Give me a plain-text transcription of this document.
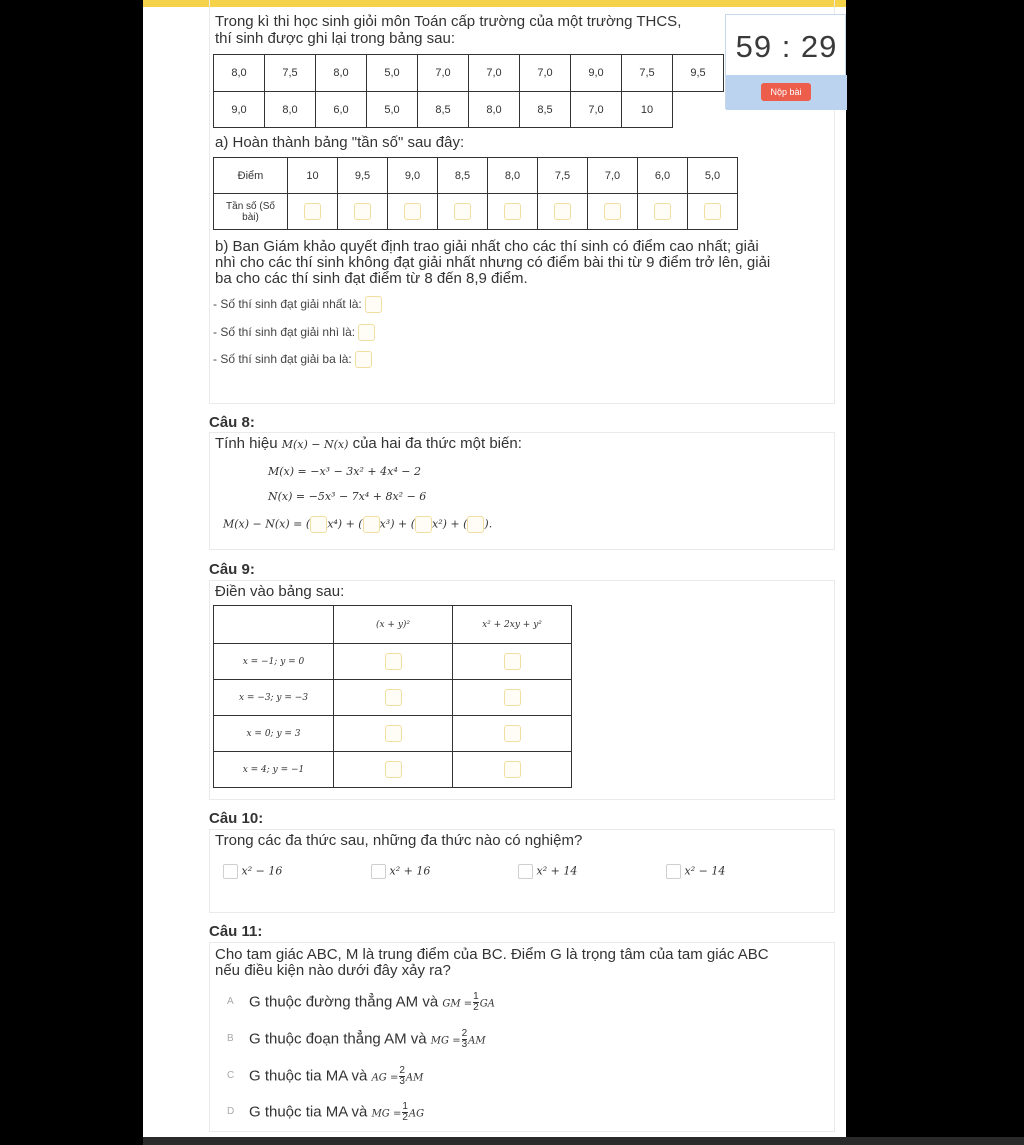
Trong kì thi học sinh giỏi môn Toán cấp trường của một trường THCS,
thí sinh được ghi lại trong bảng sau:
8,0	7,5	8,0	5,0	7,0	7,0	7,0	9,0	7,5	9,5
9,0	8,0	6,0	5,0	8,5	8,0	8,5	7,0	10	
a) Hoàn thành bảng "tần số" sau đây:
Điểm	10	9,5	9,0	8,5	8,0	7,5	7,0	6,0	5,0
Tần số (Số bài)									
b) Ban Giám khảo quyết định trao giải nhất cho các thí sinh có điểm cao nhất; giải
nhì cho các thí sinh không đạt giải nhất nhưng có điểm bài thi từ 9 điểm trở lên, giải
ba cho các thí sinh đạt điểm từ 8 đến 8,9 điểm.
- Số thí sinh đạt giải nhất là:
- Số thí sinh đạt giải nhì là:
- Số thí sinh đạt giải ba là:
Câu 8:
Tính hiệu M(x) − N(x) của hai đa thức một biến:
M(x) = −x³ − 3x² + 4x⁴ − 2
N(x) = −5x³ − 7x⁴ + 8x² − 6
M(x) − N(x) = ( x⁴) + ( x³) + ( x²) + ( ).
Câu 9:
Điền vào bảng sau:
	(x + y)²	x² + 2xy + y²
x = −1; y = 0		
x = −3; y = −3		
x = 0; y = 3		
x = 4; y = −1		
Câu 10:
Trong các đa thức sau, những đa thức nào có nghiệm?
x² − 16	x² + 16	x² + 14	x² − 14
Câu 11:
Cho tam giác ABC, M là trung điểm của BC. Điểm G là trọng tâm của tam giác ABC
nếu điều kiện nào dưới đây xảy ra?
A G thuộc đường thẳng AM và GM = $\frac{1}{2}$ GA
B G thuộc đoạn thẳng AM và MG = $\frac{2}{3}$ AM
C G thuộc tia MA và AG = $\frac{2}{3}$ AM
D G thuộc tia MA và MG = $\frac{1}{2}$ AG
59 : 29
Nộp bài
